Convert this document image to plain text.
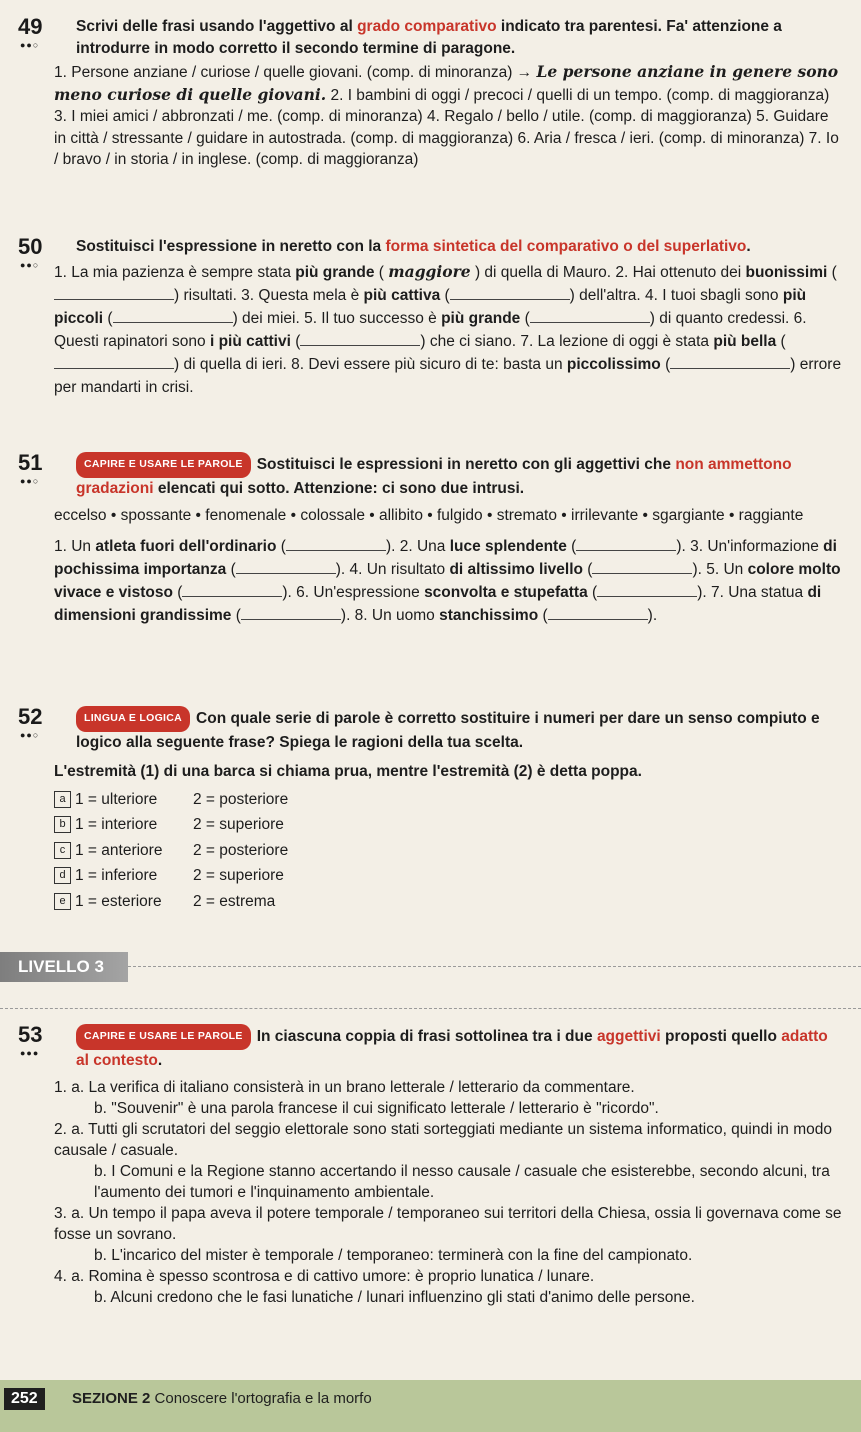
49
●●○
Scrivi delle frasi usando l'aggettivo al grado comparativo indicato tra parentesi. Fa' attenzione a introdurre in modo corretto il secondo termine di paragone.
1. Persone anziane / curiose / quelle giovani. (comp. di minoranza) → Le persone anziane in genere sono meno curiose di quelle giovani. 2. I bambini di oggi / precoci / quelli di un tempo. (comp. di maggioranza) 3. I miei amici / abbronzati / me. (comp. di minoranza) 4. Regalo / bello / utile. (comp. di maggioranza) 5. Guidare in città / stressante / guidare in autostrada. (comp. di maggioranza) 6. Aria / fresca / ieri. (comp. di minoranza) 7. Io / bravo / in storia / in inglese. (comp. di maggioranza)
50
●●○
Sostituisci l'espressione in neretto con la forma sintetica del comparativo o del superlativo.
1. La mia pazienza è sempre stata più grande ( maggiore ) di quella di Mauro. 2. Hai ottenuto dei buonissimi () risultati. 3. Questa mela è più cattiva (	) dell'altra. 4. I tuoi sbagli sono più piccoli (	) dei miei. 5. Il tuo successo è più grande (	) di quanto credessi. 6. Questi rapinatori sono i più cattivi (	) che ci siano. 7. La lezione di oggi è stata più bella () di quella di ieri. 8. Devi essere più sicuro di te: basta un piccolissimo (	) errore per mandarti in crisi.
51
●●○
CAPIRE E USARE LE PAROLE Sostituisci le espressioni in neretto con gli aggettivi che non ammettono gradazioni elencati qui sotto. Attenzione: ci sono due intrusi.
eccelso • spossante • fenomenale • colossale • allibito • fulgido • stremato • irrilevante • sgargiante • raggiante
1. Un atleta fuori dell'ordinario (	). 2. Una luce splendente (	). 3. Un'informazione di pochissima importanza (	). 4. Un risultato di altissimo livello (	). 5. Un colore molto vivace e vistoso (	). 6. Un'espressione sconvolta e stupefatta (	). 7. Una statua di dimensioni grandissime (	). 8. Un uomo stanchissimo (	).
52
●●○
LINGUA E LOGICA Con quale serie di parole è corretto sostituire i numeri per dare un senso compiuto e logico alla seguente frase? Spiega le ragioni della tua scelta.
L'estremità (1) di una barca si chiama prua, mentre l'estremità (2) è detta poppa.
a 1 = ulteriore	2 = posteriore
b 1 = interiore	2 = superiore
c 1 = anteriore	2 = posteriore
d 1 = inferiore	2 = superiore
e 1 = esteriore	2 = estrema
LIVELLO 3
53
●●●
CAPIRE E USARE LE PAROLE In ciascuna coppia di frasi sottolinea tra i due aggettivi proposti quello adatto al contesto.
1. a. La verifica di italiano consisterà in un brano letterale / letterario da commentare.
b. "Souvenir" è una parola francese il cui significato letterale / letterario è "ricordo".
2. a. Tutti gli scrutatori del seggio elettorale sono stati sorteggiati mediante un sistema informatico, quindi in modo causale / casuale.
b. I Comuni e la Regione stanno accertando il nesso causale / casuale che esisterebbe, secondo alcuni, tra l'aumento dei tumori e l'inquinamento ambientale.
3. a. Un tempo il papa aveva il potere temporale / temporaneo sui territori della Chiesa, ossia li governava come se fosse un sovrano.
b. L'incarico del mister è temporale / temporaneo: terminerà con la fine del campionato.
4. a. Romina è spesso scontrosa e di cattivo umore: è proprio lunatica / lunare.
b. Alcuni credono che le fasi lunatiche / lunari influenzino gli stati d'animo delle persone.
252	SEZIONE 2 Conoscere l'ortografia e la morfo
